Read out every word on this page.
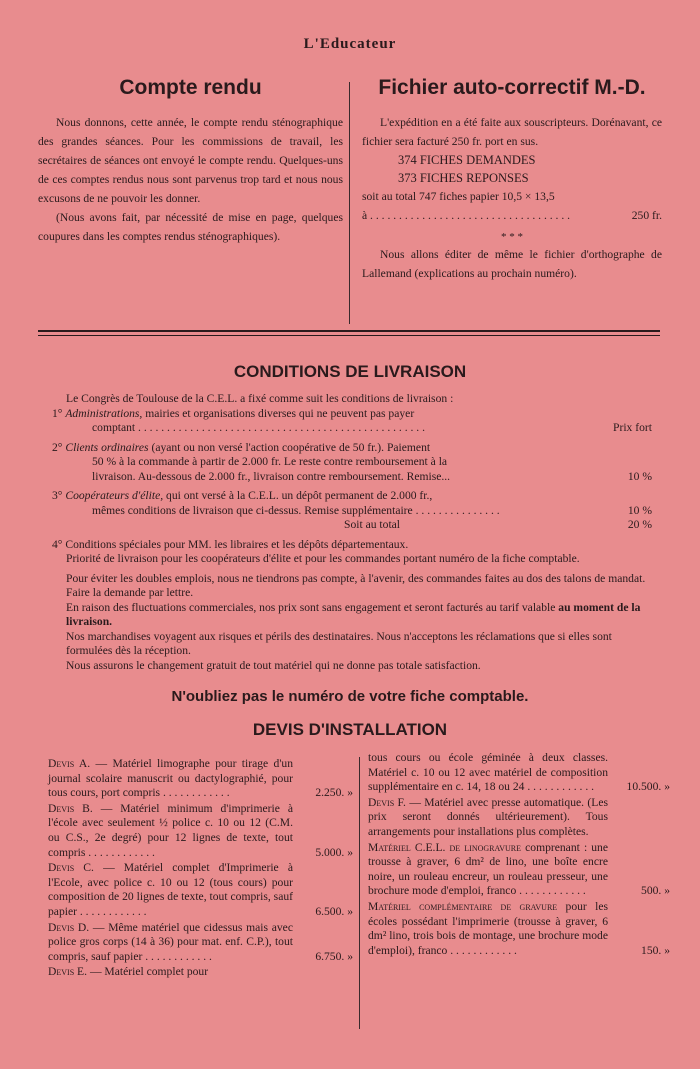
L'Educateur
Compte rendu

Nous donnons, cette année, le compte rendu sténographique des grandes séances. Pour les commissions de travail, les secrétaires de séances ont envoyé le compte rendu. Quelques-uns de ces comptes rendus nous sont parvenus trop tard et nous nous excusons de ne pouvoir les donner.

(Nous avons fait, par nécessité de mise en page, quelques coupures dans les comptes rendus sténographiques).

Fichier auto-correctif M.-D.

L'expédition en a été faite aux souscripteurs. Dorénavant, ce fichier sera facturé 250 fr. port en sus.

374 FICHES DEMANDES
373 FICHES REPONSES
soit au total 747 fiches papier 10,5 × 13,5
à . . . . . . . . . . . . . . . . . . . . . . . . . . . . . . . . . . .	250 fr.
* * *

Nous allons éditer de même le fichier d'orthographe de Lallemand (explications au prochain numéro).

CONDITIONS DE LIVRAISON

Le Congrès de Toulouse de la C.E.L. a fixé comme suit les conditions de livraison :

1° Administrations, mairies et organisations diverses qui ne peuvent pas payer
comptant . . . . . . . . . . . . . . . . . . . . . . . . . . . . . . . . . . . . . . . . . . . . . . . . . .	Prix fort
2° Clients ordinaires (ayant ou non versé l'action coopérative de 50 fr.). Paiement
50 % à la commande à partir de 2.000 fr. Le reste contre remboursement à la
livraison. Au-dessous de 2.000 fr., livraison contre remboursement. Remise...	10 %
3° Coopérateurs d'élite, qui ont versé à la C.E.L. un dépôt permanent de 2.000 fr.,
mêmes conditions de livraison que ci-dessus. Remise supplémentaire . . . . . . . . . . . . . . .	10 %
Soit au total	20 %

4° Conditions spéciales pour MM. les libraires et les dépôts départementaux.

Priorité de livraison pour les coopérateurs d'élite et pour les commandes portant numéro de la fiche comptable.

Pour éviter les doubles emplois, nous ne tiendrons pas compte, à l'avenir, des commandes faites au dos des talons de mandat. Faire la demande par lettre.

En raison des fluctuations commerciales, nos prix sont sans engagement et seront facturés au tarif valable au moment de la livraison.

Nos marchandises voyagent aux risques et périls des destinataires. Nous n'acceptons les réclamations que si elles sont formulées dès la réception.

Nous assurons le changement gratuit de tout matériel qui ne donne pas totale satisfaction.

N'oubliez pas le numéro de votre fiche comptable.
DEVIS D'INSTALLATION
Devis A. — Matériel limographe pour tirage d'un journal scolaire manuscrit ou dactylographié, pour tous cours, port compris . . . . . . . . . . . .	2.250. »
Devis B. — Matériel minimum d'imprimerie à l'école avec seulement ½ police c. 10 ou 12 (C.M. ou C.S., 2e degré) pour 12 lignes de texte, tout compris . . . . . . . . . . . .	5.000. »
Devis C. — Matériel complet d'Imprimerie à l'Ecole, avec police c. 10 ou 12 (tous cours) pour composition de 20 lignes de texte, tout compris, sauf papier . . . . . . . . . . . .	6.500. »
Devis D. — Même matériel que cidessus mais avec police gros corps (14 à 36) pour mat. enf. C.P.), tout compris, sauf papier . . . . . . . . . . . .	6.750. »
Devis E. — Matériel complet pour
tous cours ou école géminée à deux classes. Matériel c. 10 ou 12 avec matériel de composition supplémentaire en c. 14, 18 ou 24 . . . . . . . . . . . .	10.500. »
Devis F. — Matériel avec presse automatique. (Les prix seront donnés ultérieurement). Tous arrangements pour installations plus complètes.
Matériel C.E.L. de linogravure comprenant : une trousse à graver, 6 dm² de lino, une boîte encre noire, un rouleau encreur, un rouleau presseur, une brochure mode d'emploi, franco . . . . . . . . . . . .	500. »
Matériel complémentaire de gravure pour les écoles possédant l'imprimerie (trousse à graver, 6 dm² lino, trois bois de montage, une brochure mode d'emploi), franco . . . . . . . . . . . .	150. »
